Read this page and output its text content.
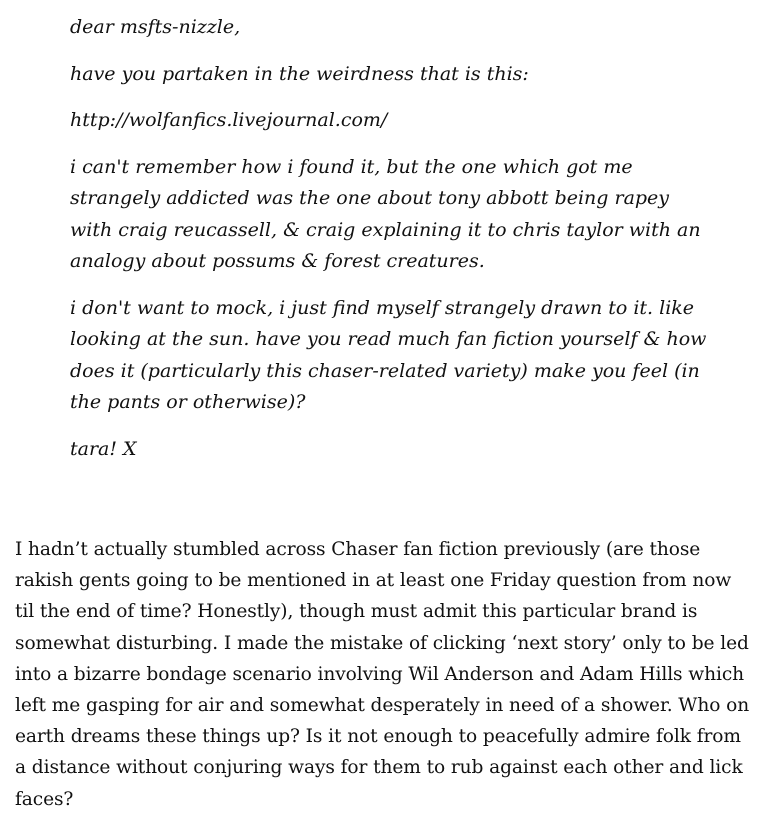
dear msfts-nizzle,

have you partaken in the weirdness that is this:

http://wolfanfics.livejournal.com/

i can't remember how i found it, but the one which got me strangely addicted was the one about tony abbott being rapey with craig reucassell, & craig explaining it to chris taylor with an analogy about possums & forest creatures.

i don't want to mock, i just find myself strangely drawn to it. like looking at the sun. have you read much fan fiction yourself & how does it (particularly this chaser-related variety) make you feel (in the pants or otherwise)?

tara! X

I hadn’t actually stumbled across Chaser fan fiction previously (are those rakish gents going to be mentioned in at least one Friday question from now til the end of time? Honestly), though must admit this particular brand is somewhat disturbing. I made the mistake of clicking ‘next story’ only to be led into a bizarre bondage scenario involving Wil Anderson and Adam Hills which left me gasping for air and somewhat desperately in need of a shower. Who on earth dreams these things up? Is it not enough to peacefully admire folk from a distance without conjuring ways for them to rub against each other and lick faces?
